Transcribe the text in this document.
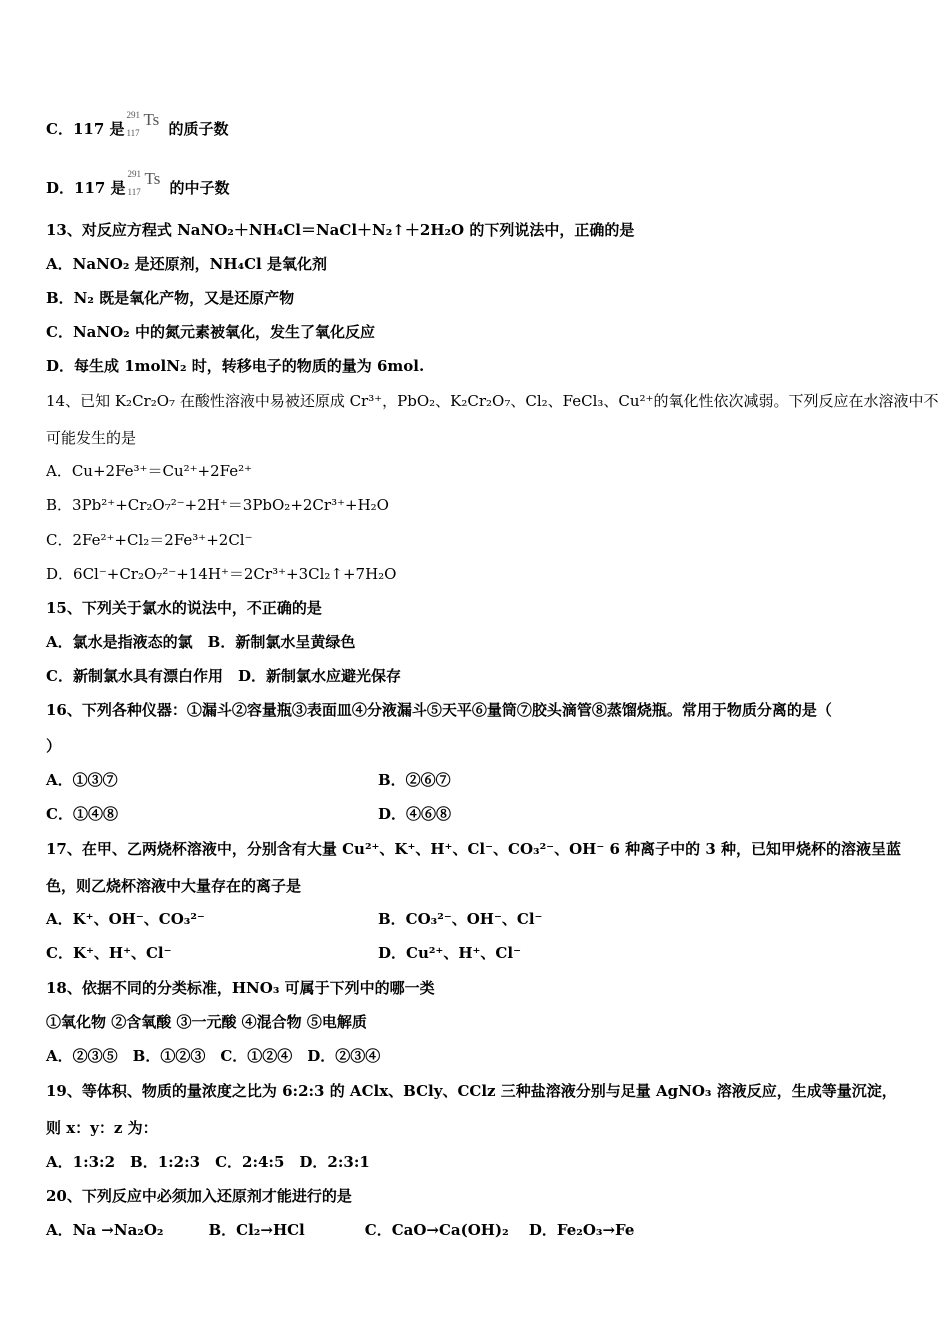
C．117 是
291
117
Ts 的质子数
D．117 是
291
117
Ts 的中子数
13、对反应方程式 NaNO₂＋NH₄Cl＝NaCl＋N₂↑＋2H₂O 的下列说法中，正确的是
A．NaNO₂ 是还原剂，NH₄Cl 是氧化剂
B．N₂ 既是氧化产物，又是还原产物
C．NaNO₂ 中的氮元素被氧化，发生了氧化反应
D．每生成 1molN₂ 时，转移电子的物质的量为 6mol.
14、已知 K₂Cr₂O₇ 在酸性溶液中易被还原成 Cr³⁺，PbO₂、K₂Cr₂O₇、Cl₂、FeCl₃、Cu²⁺的氧化性依次减弱。下列反应在水溶液中不
可能发生的是
A．Cu+2Fe³⁺＝Cu²⁺+2Fe²⁺
B．3Pb²⁺+Cr₂O₇²⁻+2H⁺＝3PbO₂+2Cr³⁺+H₂O
C．2Fe²⁺+Cl₂＝2Fe³⁺+2Cl⁻
D．6Cl⁻+Cr₂O₇²⁻+14H⁺＝2Cr³⁺+3Cl₂↑+7H₂O
15、下列关于氯水的说法中，不正确的是
A．氯水是指液态的氯　B．新制氯水呈黄绿色
C．新制氯水具有漂白作用　D．新制氯水应避光保存
16、下列各种仪器：①漏斗②容量瓶③表面皿④分液漏斗⑤天平⑥量筒⑦胶头滴管⑧蒸馏烧瓶。常用于物质分离的是（
）
A．①③⑦	B．②⑥⑦
C．①④⑧	D．④⑥⑧
17、在甲、乙两烧杯溶液中，分别含有大量 Cu²⁺、K⁺、H⁺、Cl⁻、CO₃²⁻、OH⁻ 6 种离子中的 3 种，已知甲烧杯的溶液呈蓝
色，则乙烧杯溶液中大量存在的离子是
A．K⁺、OH⁻、CO₃²⁻	B．CO₃²⁻、OH⁻、Cl⁻
C．K⁺、H⁺、Cl⁻	D．Cu²⁺、H⁺、Cl⁻
18、依据不同的分类标准，HNO₃ 可属于下列中的哪一类
①氧化物 ②含氧酸 ③一元酸 ④混合物 ⑤电解质
A．②③⑤　B．①②③　C．①②④　D．②③④
19、等体积、物质的量浓度之比为 6:2:3 的 AClx、BCly、CClz 三种盐溶液分别与足量 AgNO₃ 溶液反应，生成等量沉淀，
则 x：y：z 为：
A．1:3:2　B．1:2:3　C．2:4:5　D．2:3:1
20、下列反应中必须加入还原剂才能进行的是
A．Na →Na₂O₂　　　B．Cl₂→HCl　　　　C．CaO→Ca(OH)₂　 D．Fe₂O₃→Fe
